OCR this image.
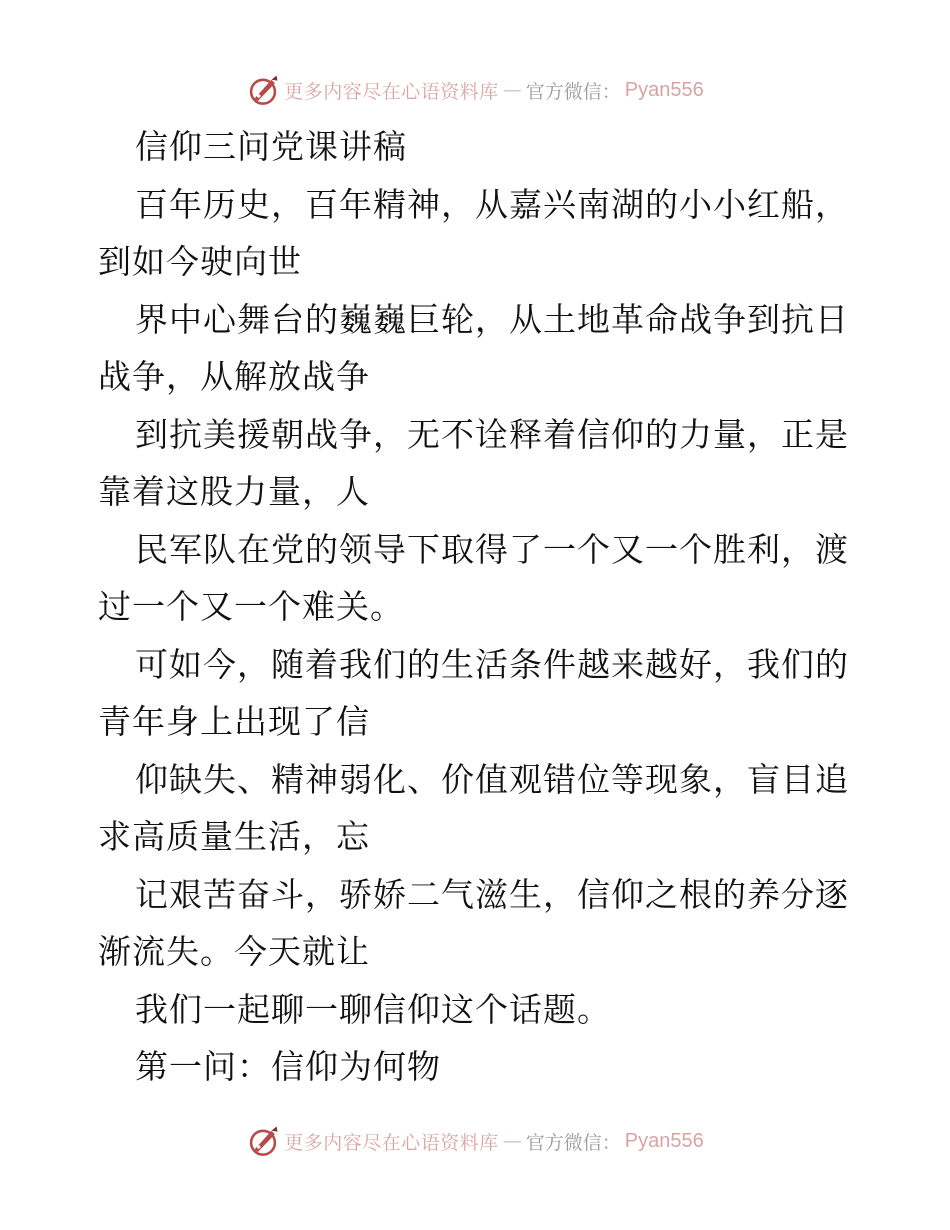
更多内容尽在心语资料库 — 官方微信： Pyan556
信仰三问党课讲稿
百年历史，百年精神，从嘉兴南湖的小小红船，
到如今驶向世
界中心舞台的巍巍巨轮，从土地革命战争到抗日
战争，从解放战争
到抗美援朝战争，无不诠释着信仰的力量，正是
靠着这股力量，人
民军队在党的领导下取得了一个又一个胜利，渡
过一个又一个难关。
可如今，随着我们的生活条件越来越好，我们的
青年身上出现了信
仰缺失、精神弱化、价值观错位等现象，盲目追
求高质量生活，忘
记艰苦奋斗，骄娇二气滋生，信仰之根的养分逐
渐流失。今天就让
我们一起聊一聊信仰这个话题。
第一问：信仰为何物
更多内容尽在心语资料库 — 官方微信： Pyan556
